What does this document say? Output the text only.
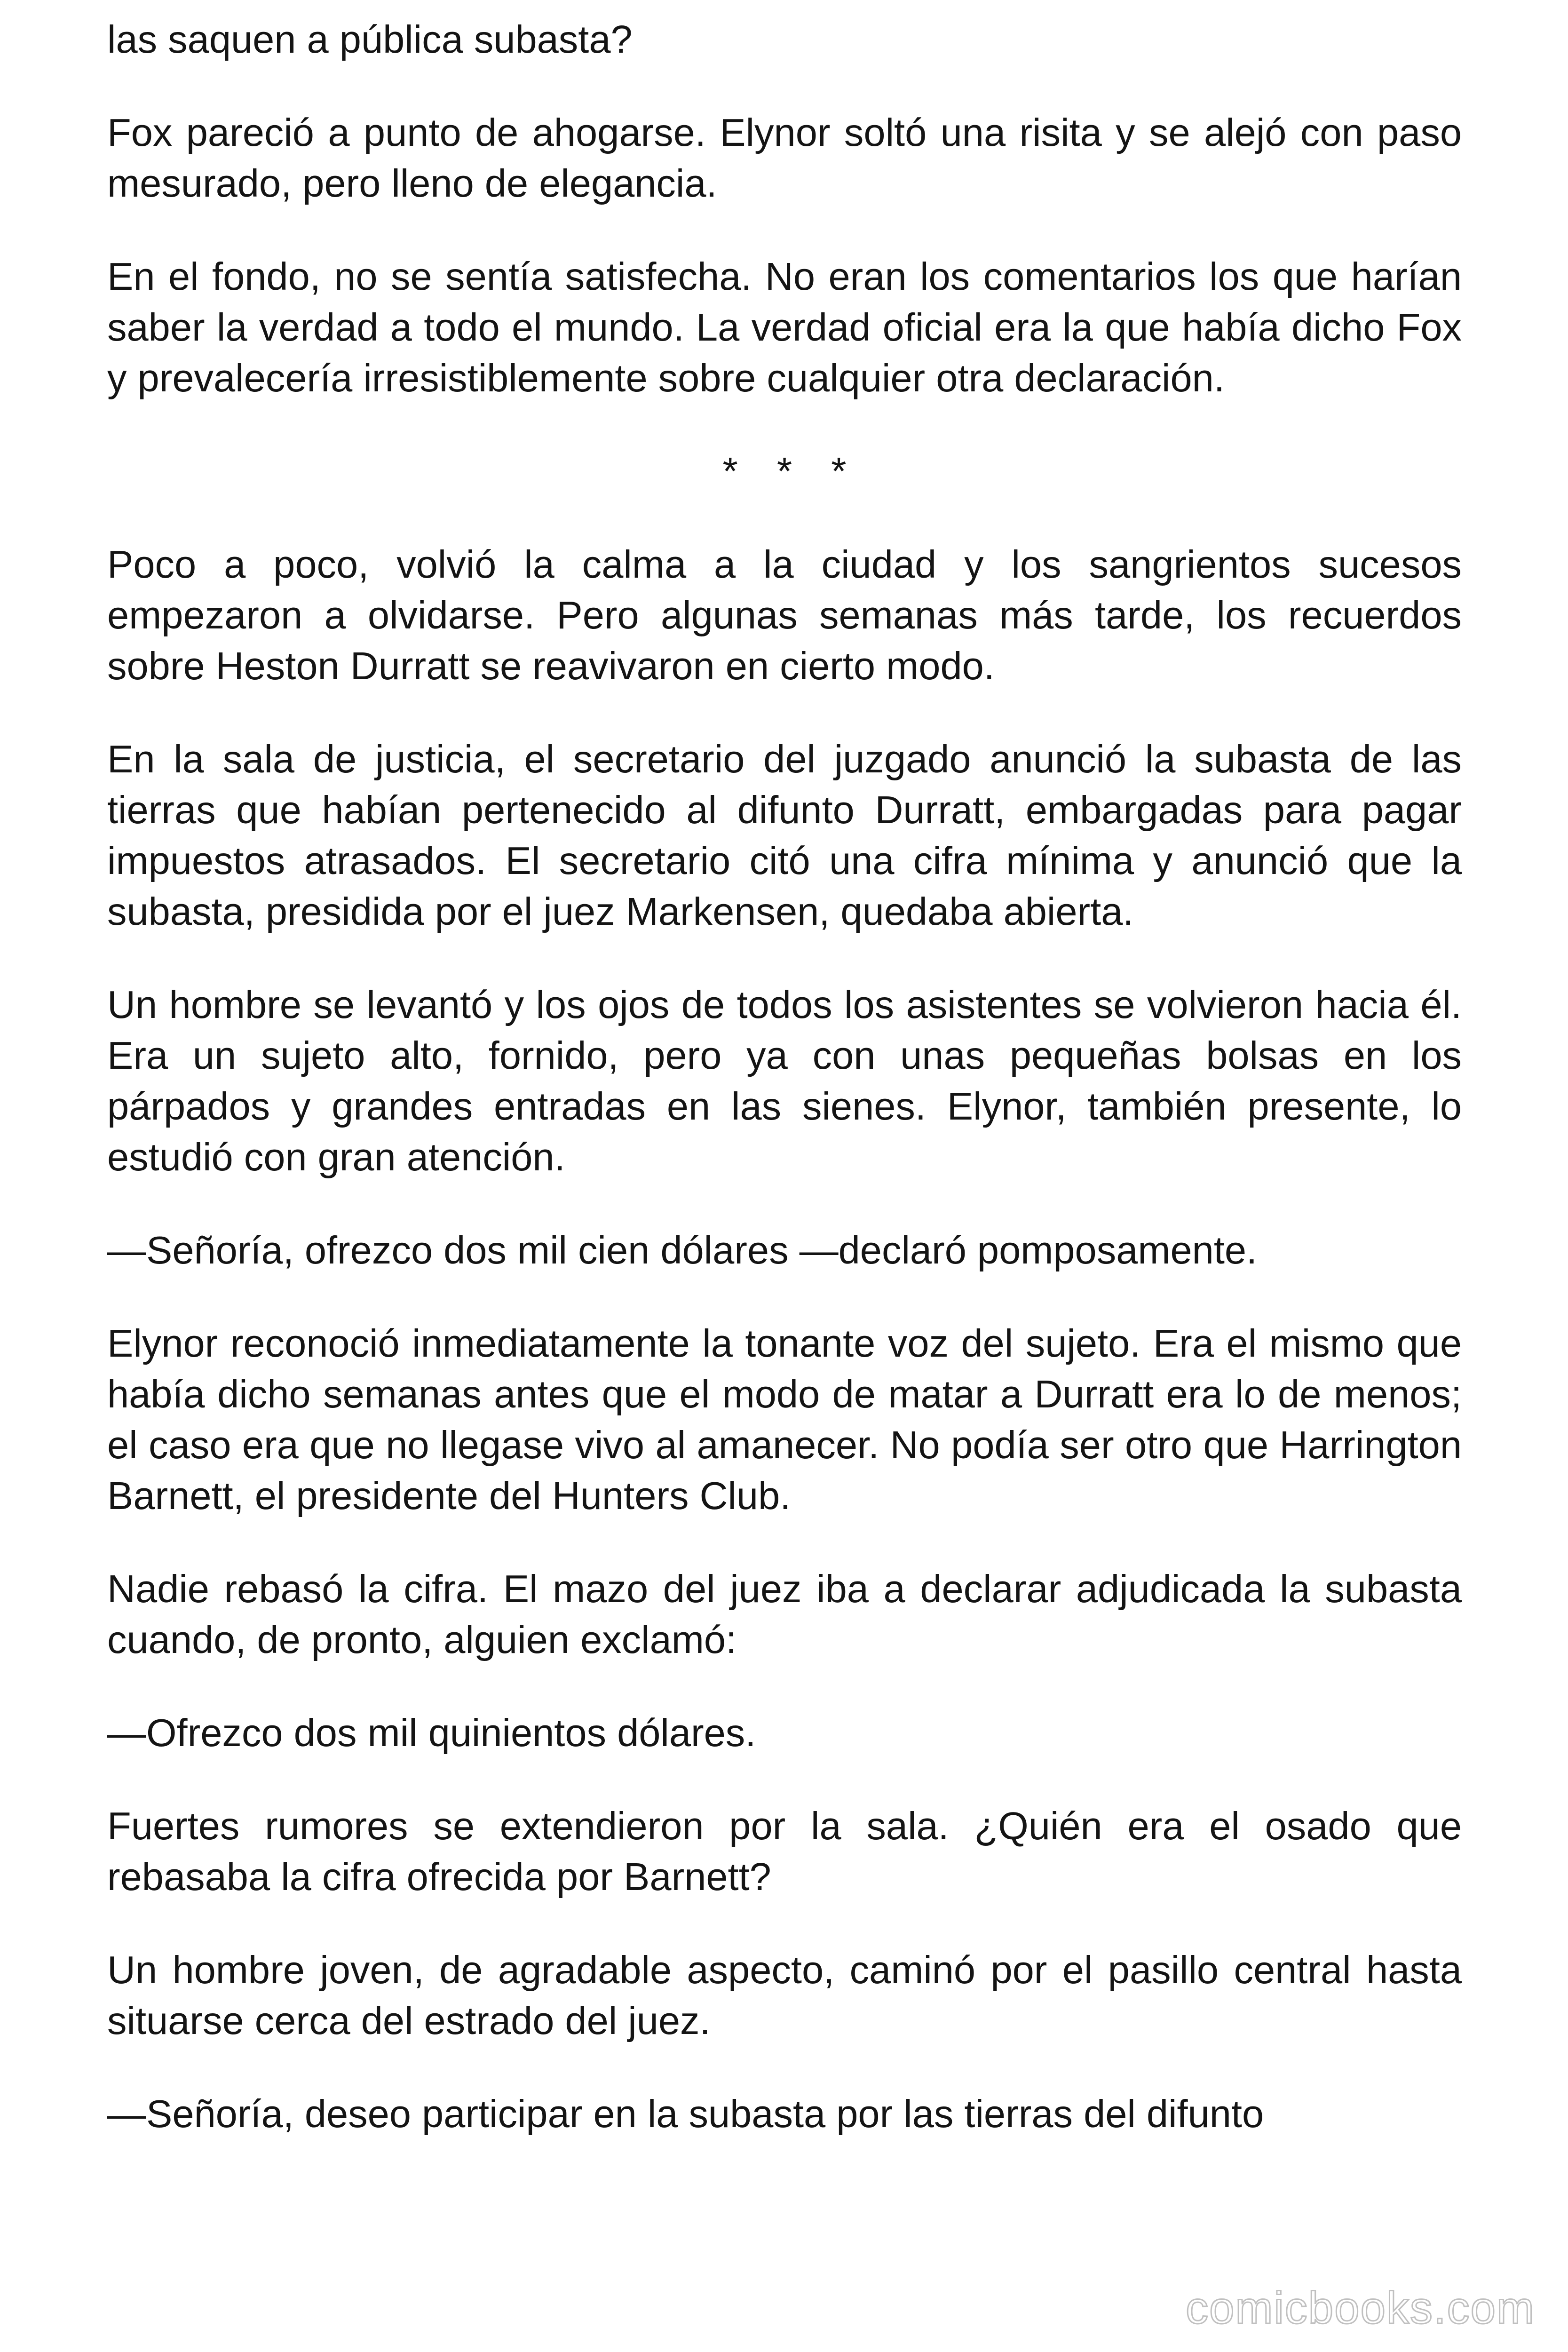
las saquen a pública subasta?

Fox pareció a punto de ahogarse. Elynor soltó una risita y se alejó con paso mesurado, pero lleno de elegancia.

En el fondo, no se sentía satisfecha. No eran los comentarios los que harían saber la verdad a todo el mundo. La verdad oficial era la que había dicho Fox y prevalecería irresistiblemente sobre cualquier otra declaración.

* * *

Poco a poco, volvió la calma a la ciudad y los sangrientos sucesos empezaron a olvidarse. Pero algunas semanas más tarde, los recuerdos sobre Heston Durratt se reavivaron en cierto modo.

En la sala de justicia, el secretario del juzgado anunció la subasta de las tierras que habían pertenecido al difunto Durratt, embargadas para pagar impuestos atrasados. El secretario citó una cifra mínima y anunció que la subasta, presidida por el juez Markensen, quedaba abierta.

Un hombre se levantó y los ojos de todos los asistentes se volvieron hacia él. Era un sujeto alto, fornido, pero ya con unas pequeñas bolsas en los párpados y grandes entradas en las sienes. Elynor, también presente, lo estudió con gran atención.

—Señoría, ofrezco dos mil cien dólares —declaró pomposamente.

Elynor reconoció inmediatamente la tonante voz del sujeto. Era el mismo que había dicho semanas antes que el modo de matar a Durratt era lo de menos; el caso era que no llegase vivo al amanecer. No podía ser otro que Harrington Barnett, el presidente del Hunters Club.

Nadie rebasó la cifra. El mazo del juez iba a declarar adjudicada la subasta cuando, de pronto, alguien exclamó:

—Ofrezco dos mil quinientos dólares.

Fuertes rumores se extendieron por la sala. ¿Quién era el osado que rebasaba la cifra ofrecida por Barnett?

Un hombre joven, de agradable aspecto, caminó por el pasillo central hasta situarse cerca del estrado del juez.

—Señoría, deseo participar en la subasta por las tierras del difunto

comicbooks.com
